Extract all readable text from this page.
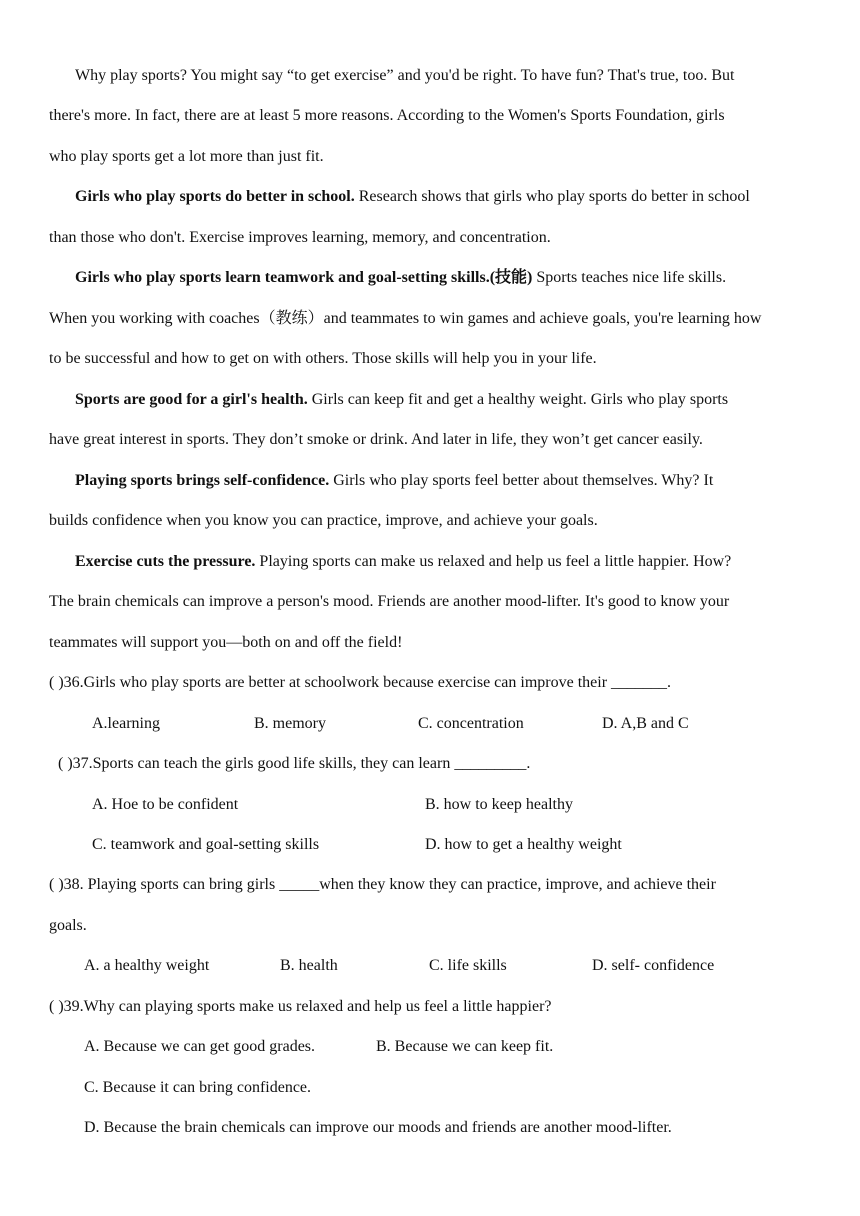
Why play sports? You might say “to get exercise” and you'd be right. To have fun? That's true, too. But
there's more. In fact, there are at least 5 more reasons. According to the Women's Sports Foundation, girls
who play sports get a lot more than just fit.
Girls who play sports do better in school. Research shows that girls who play sports do better in school
than those who don't. Exercise improves learning, memory, and concentration.
Girls who play sports learn teamwork and goal-setting skills.(技能) Sports teaches nice life skills.
When you working with coaches（教练）and teammates to win games and achieve goals, you're learning how
to be successful and how to get on with others. Those skills will help you in your life.
Sports are good for a girl's health. Girls can keep fit and get a healthy weight. Girls who play sports
have great interest in sports. They don’t smoke or drink. And later in life, they won’t get cancer easily.
Playing sports brings self-confidence. Girls who play sports feel better about themselves. Why? It
builds confidence when you know you can practice, improve, and achieve your goals.
Exercise cuts the pressure. Playing sports can make us relaxed and help us feel a little happier. How?
The brain chemicals can improve a person's mood. Friends are another mood-lifter. It's good to know your
teammates will support you—both on and off the field!
( )36.Girls who play sports are better at schoolwork because exercise can improve their _______.
A.learning	B. memory	C. concentration	D. A,B and C
( )37.Sports can teach the girls good life skills, they can learn _________.
A. Hoe to be confident	B. how to keep healthy
C. teamwork and goal-setting skills	D. how to get a healthy weight
( )38. Playing sports can bring girls _____when they know they can practice, improve, and achieve their
goals.
A. a healthy weight	B. health	C. life skills	D. self- confidence
( )39.Why can playing sports make us relaxed and help us feel a little happier?
A. Because we can get good grades.	B. Because we can keep fit.
C. Because it can bring confidence.
D. Because the brain chemicals can improve our moods and friends are another mood-lifter.
